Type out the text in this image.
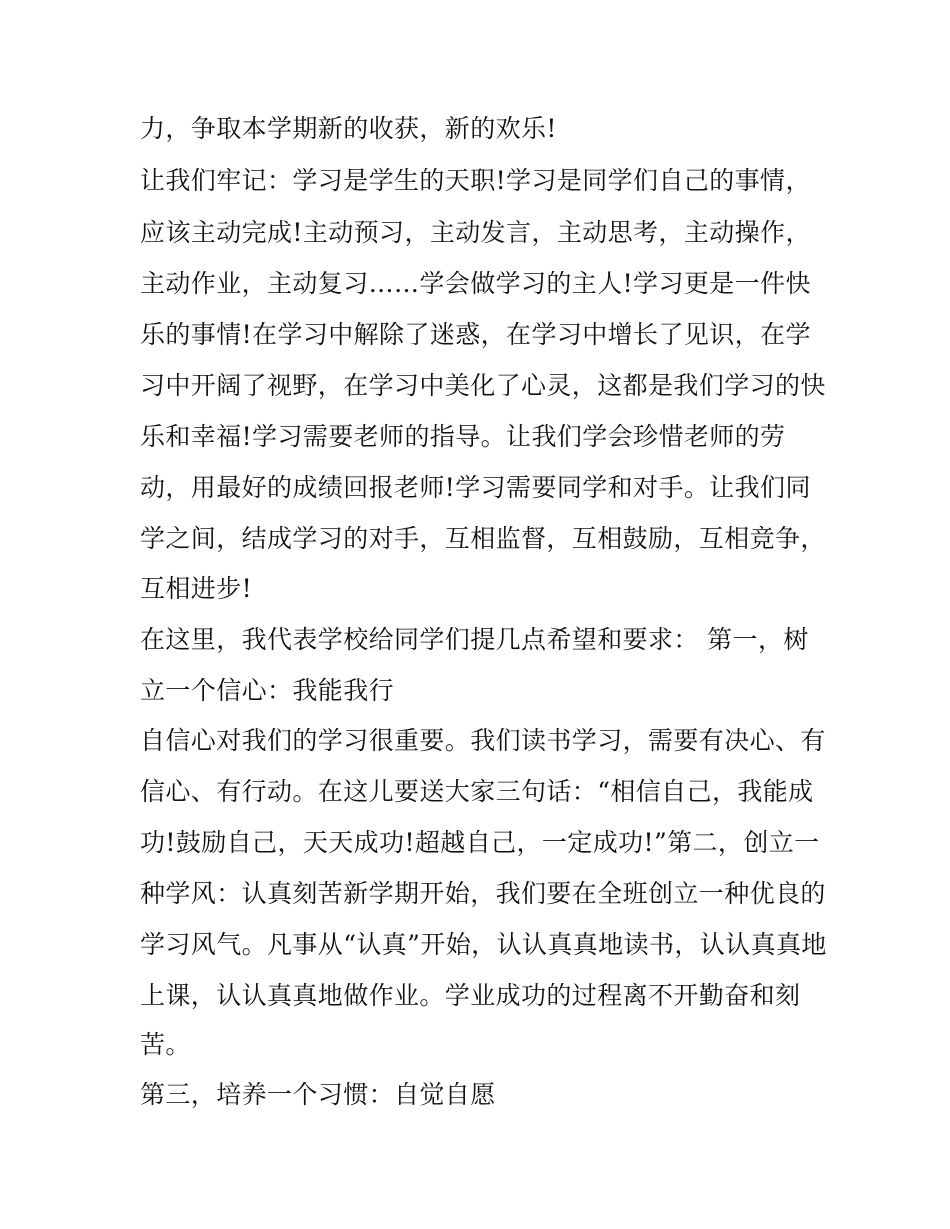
力，争取本学期新的收获，新的欢乐!
让我们牢记：学习是学生的天职!学习是同学们自己的事情，
应该主动完成!主动预习，主动发言，主动思考，主动操作，
主动作业，主动复习……学会做学习的主人!学习更是一件快
乐的事情!在学习中解除了迷惑，在学习中增长了见识，在学
习中开阔了视野，在学习中美化了心灵，这都是我们学习的快
乐和幸福!学习需要老师的指导。让我们学会珍惜老师的劳
动，用最好的成绩回报老师!学习需要同学和对手。让我们同
学之间，结成学习的对手，互相监督，互相鼓励，互相竞争，
互相进步!
在这里，我代表学校给同学们提几点希望和要求： 第一，树
立一个信心：我能我行
自信心对我们的学习很重要。我们读书学习，需要有决心、有
信心、有行动。在这儿要送大家三句话：“相信自己，我能成
功!鼓励自己，天天成功!超越自己，一定成功!”第二，创立一
种学风：认真刻苦新学期开始，我们要在全班创立一种优良的
学习风气。凡事从“认真”开始，认认真真地读书，认认真真地
上课，认认真真地做作业。学业成功的过程离不开勤奋和刻
苦。
第三，培养一个习惯：自觉自愿
